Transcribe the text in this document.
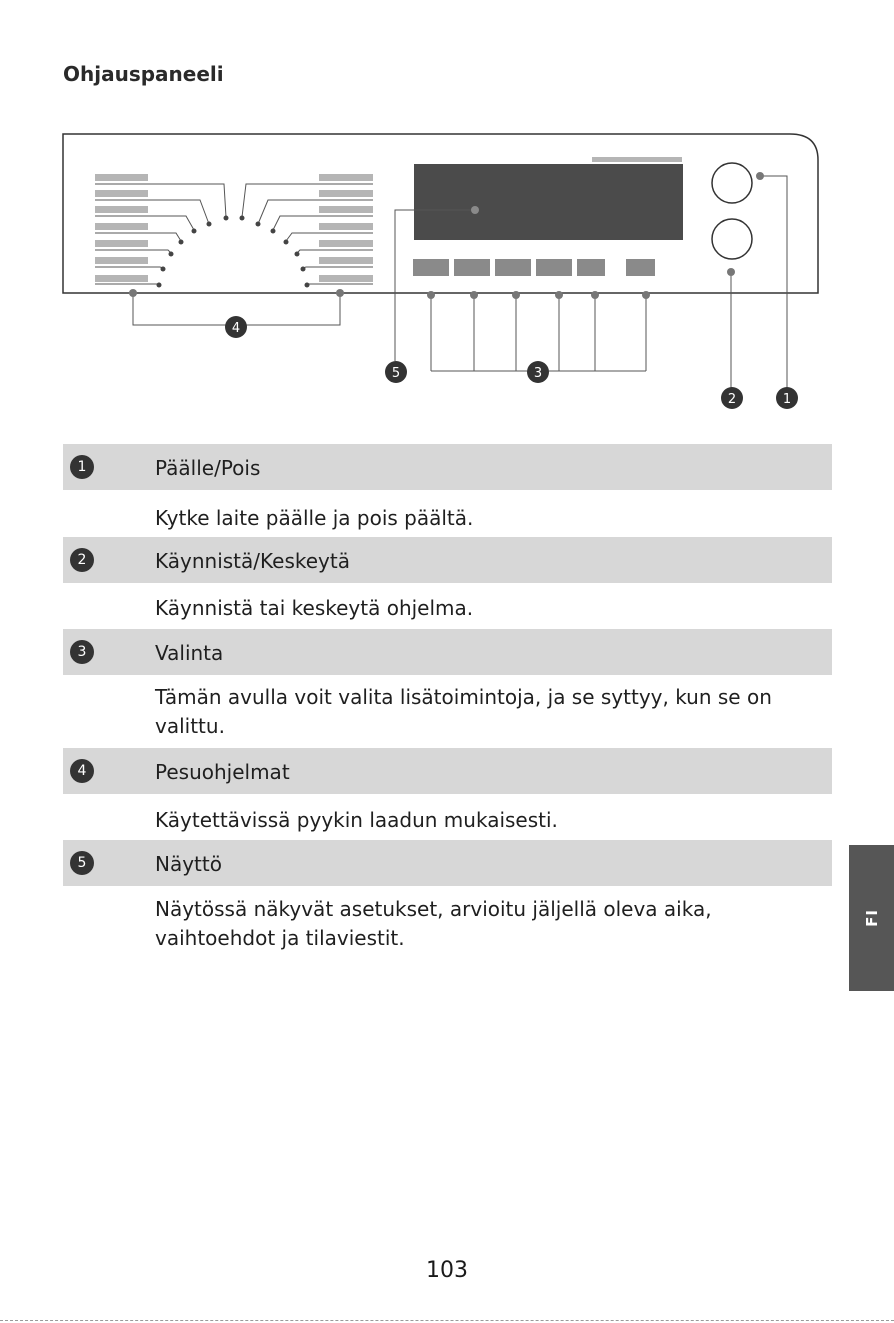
Ohjauspaneeli
4
5	3
2	1
1	Päälle/Pois

Kytke laite päälle ja pois päältä.

2	Käynnistä/Keskeytä

Käynnistä tai keskeytä ohjelma.

3	Valinta

Tämän avulla voit valita lisätoimintoja, ja se syttyy, kun se on valittu.

4	Pesuohjelmat

Käytettävissä pyykin laadun mukaisesti.

5	Näyttö

Näytössä näkyvät asetukset, arvioitu jäljellä oleva aika, vaihtoehdot ja tilaviestit.

FI
103
